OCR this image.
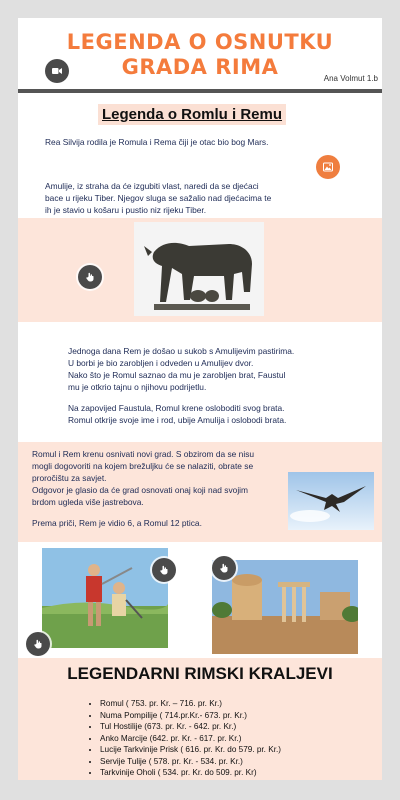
LEGENDA O OSNUTKU
GRADA RIMA	Ana Volmut 1.b
Legenda o Romlu i Remu
Rea Silvija rodila je Romula i Rema čiji je otac bio bog Mars.
Amulije, iz straha da će izgubiti vlast, naredi da se djećaci
bace u rijeku Tiber. Njegov sluga se sažalio nad djećacima te
ih je stavio u košaru i pustio niz rijeku Tiber.
Jednoga dana Rem je došao u sukob s Amulijevim pastirima.
U borbi je bio zarobljen i odveden u Amulijev dvor.
Nako što je Romul saznao da mu je zarobljen brat, Faustul
mu je otkrio tajnu o njihovu podrijetlu.
Na zapovijed Faustula, Romul krene osloboditi svog brata.
Romul otkrije svoje ime i rod, ubije Amulija i oslobodi brata.
Romul i Rem krenu osnivati novi grad. S obzirom da se nisu
mogli dogovoriti na kojem brežuljku će se nalaziti, obrate se
proročištu za savjet.
Odgovor je glasio da će grad osnovati onaj koji nad svojim
brdom ugleda više jastrebova.
Prema priči, Rem je vidio 6, a Romul 12 ptica.
LEGENDARNI RIMSKI KRALJEVI
• Romul ( 753. pr. Kr. – 716. pr. Kr.)
• Numa Pompilije ( 714.pr.Kr.- 673. pr. Kr.)
• Tul Hostilije (673. pr. Kr. - 642. pr. Kr.)
• Anko Marcije (642. pr. Kr. - 617. pr. Kr.)
• Lucije Tarkvinije Prisk ( 616. pr. Kr. do 579. pr. Kr.)
• Servije Tulije ( 578. pr. Kr. - 534. pr. Kr.)
• Tarkvinije Oholi ( 534. pr. Kr. do 509. pr. Kr)
